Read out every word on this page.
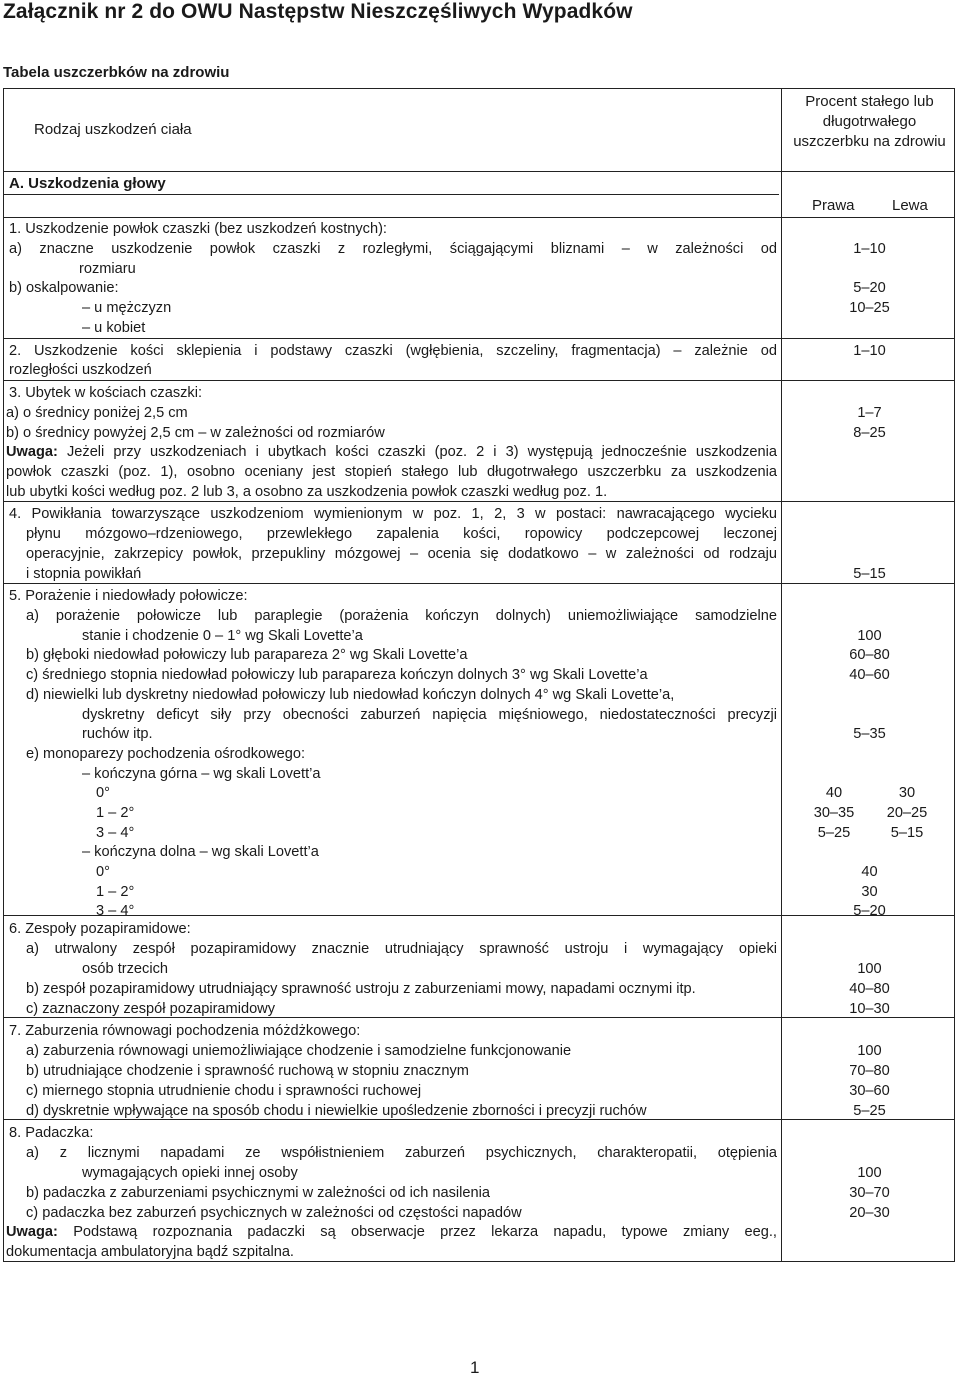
Załącznik nr 2 do OWU Następstw Nieszczęśliwych Wypadków
Tabela uszczerbków na zdrowiu
Rodzaj uszkodzeń ciała
Procent stałego lub długotrwałego uszczerbku na zdrowiu
A. Uszkodzenia głowy
Prawa Lewa
1. Uszkodzenie powłok czaszki (bez uszkodzeń kostnych):
a) znaczne uszkodzenie powłok czaszki z rozległymi, ściągającymi bliznami – w zależności od	1–10
rozmiaru
b) oskalpowanie:	5–20
– u mężczyzn	10–25
– u kobiet
2. Uszkodzenie kości sklepienia i podstawy czaszki (wgłębienia, szczeliny, fragmentacja) – zależnie od	1–10
rozległości uszkodzeń
3. Ubytek w kościach czaszki:
a) o średnicy poniżej 2,5 cm	1–7
b) o średnicy powyżej 2,5 cm – w zależności od rozmiarów	8–25
Uwaga: Jeżeli przy uszkodzeniach i ubytkach kości czaszki (poz. 2 i 3) występują jednocześnie uszkodzenia
powłok czaszki (poz. 1), osobno oceniany jest stopień stałego lub długotrwałego uszczerbku za uszkodzenia
lub ubytki kości według poz. 2 lub 3, a osobno za uszkodzenia powłok czaszki według poz. 1.
4. Powikłania towarzyszące uszkodzeniom wymienionym w poz. 1, 2, 3 w postaci: nawracającego wycieku
płynu mózgowo–rdzeniowego, przewlekłego zapalenia kości, ropowicy podczepcowej leczonej
operacyjnie, zakrzepicy powłok, przepukliny mózgowej – ocenia się dodatkowo – w zależności od rodzaju
i stopnia powikłań	5–15
5. Porażenie i niedowłady połowicze:
a) porażenie połowicze lub paraplegie (porażenia kończyn dolnych) uniemożliwiające samodzielne
stanie i chodzenie 0 – 1° wg Skali Lovette’a	100
b) głęboki niedowład połowiczy lub parapareza 2° wg Skali Lovette’a	60–80
c) średniego stopnia niedowład połowiczy lub parapareza kończyn dolnych 3° wg Skali Lovette’a	40–60
d) niewielki lub dyskretny niedowład połowiczy lub niedowład kończyn dolnych 4° wg Skali Lovette’a,
dyskretny deficyt siły przy obecności zaburzeń napięcia mięśniowego, niedostateczności precyzji
ruchów itp.	5–35
e) monoparezy pochodzenia ośrodkowego:
– kończyna górna – wg skali Lovett’a
0°	40	30
1 – 2°	30–35	20–25
3 – 4°	5–25	5–15
– kończyna dolna – wg skali Lovett’a
0°	40
1 – 2°	30
3 – 4°	5–20
6. Zespoły pozapiramidowe:
a) utrwalony zespół pozapiramidowy znacznie utrudniający sprawność ustroju i wymagający opieki
osób trzecich	100
b) zespół pozapiramidowy utrudniający sprawność ustroju z zaburzeniami mowy, napadami ocznymi itp.	40–80
c) zaznaczony zespół pozapiramidowy	10–30
7. Zaburzenia równowagi pochodzenia móżdżkowego:
a) zaburzenia równowagi uniemożliwiające chodzenie i samodzielne funkcjonowanie	100
b) utrudniające chodzenie i sprawność ruchową w stopniu znacznym	70–80
c) miernego stopnia utrudnienie chodu i sprawności ruchowej	30–60
d) dyskretnie wpływające na sposób chodu i niewielkie upośledzenie zborności i precyzji ruchów	5–25
8. Padaczka:
a) z licznymi napadami ze współistnieniem zaburzeń psychicznych, charakteropatii, otępienia
wymagających opieki innej osoby	100
b) padaczka z zaburzeniami psychicznymi w zależności od ich nasilenia	30–70
c) padaczka bez zaburzeń psychicznych w zależności od częstości napadów	20–30
Uwaga: Podstawą rozpoznania padaczki są obserwacje przez lekarza napadu, typowe zmiany eeg.,
dokumentacja ambulatoryjna bądź szpitalna.
1
